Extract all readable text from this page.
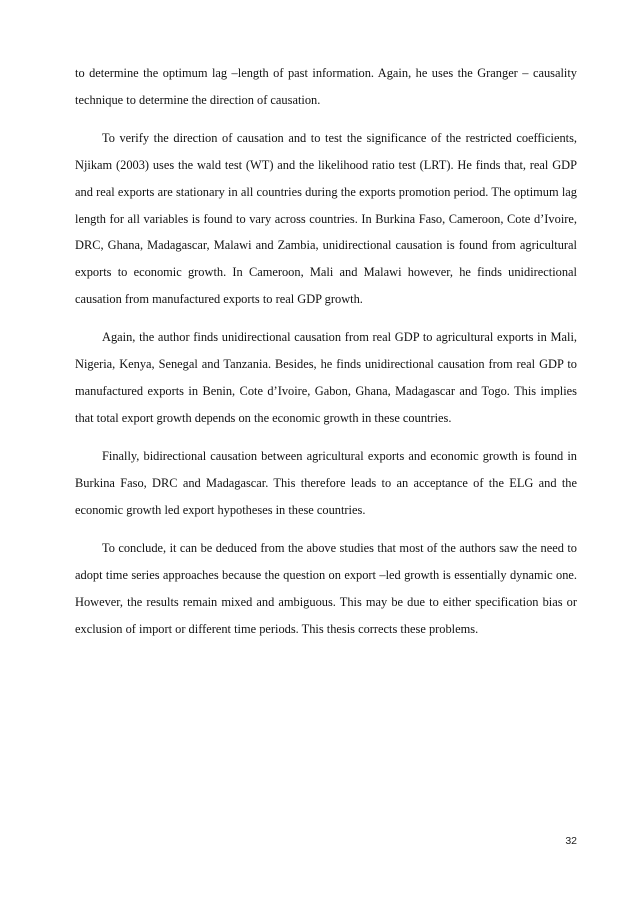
to determine the optimum lag –length of past information. Again, he uses the Granger – causality technique to determine the direction of causation.

To verify the direction of causation and to test the significance of the restricted coefficients, Njikam (2003) uses the wald test (WT) and the likelihood ratio test (LRT). He finds that, real GDP and real exports are stationary in all countries during the exports promotion period. The optimum lag length for all variables is found to vary across countries. In Burkina Faso, Cameroon, Cote d’Ivoire, DRC, Ghana, Madagascar, Malawi and Zambia, unidirectional causation is found from agricultural exports to economic growth. In Cameroon, Mali and Malawi however, he finds unidirectional causation from manufactured exports to real GDP growth.

Again, the author finds unidirectional causation from real GDP to agricultural exports in Mali, Nigeria, Kenya, Senegal and Tanzania. Besides, he finds unidirectional causation from real GDP to manufactured exports in Benin, Cote d’Ivoire, Gabon, Ghana, Madagascar and Togo. This implies that total export growth depends on the economic growth in these countries.

Finally, bidirectional causation between agricultural exports and economic growth is found in Burkina Faso, DRC and Madagascar. This therefore leads to an acceptance of the ELG and the economic growth led export hypotheses in these countries.

To conclude, it can be deduced from the above studies that most of the authors saw the need to adopt time series approaches because the question on export –led growth is essentially dynamic one. However, the results remain mixed and ambiguous. This may be due to either specification bias or exclusion of import or different time periods. This thesis corrects these problems.

32
